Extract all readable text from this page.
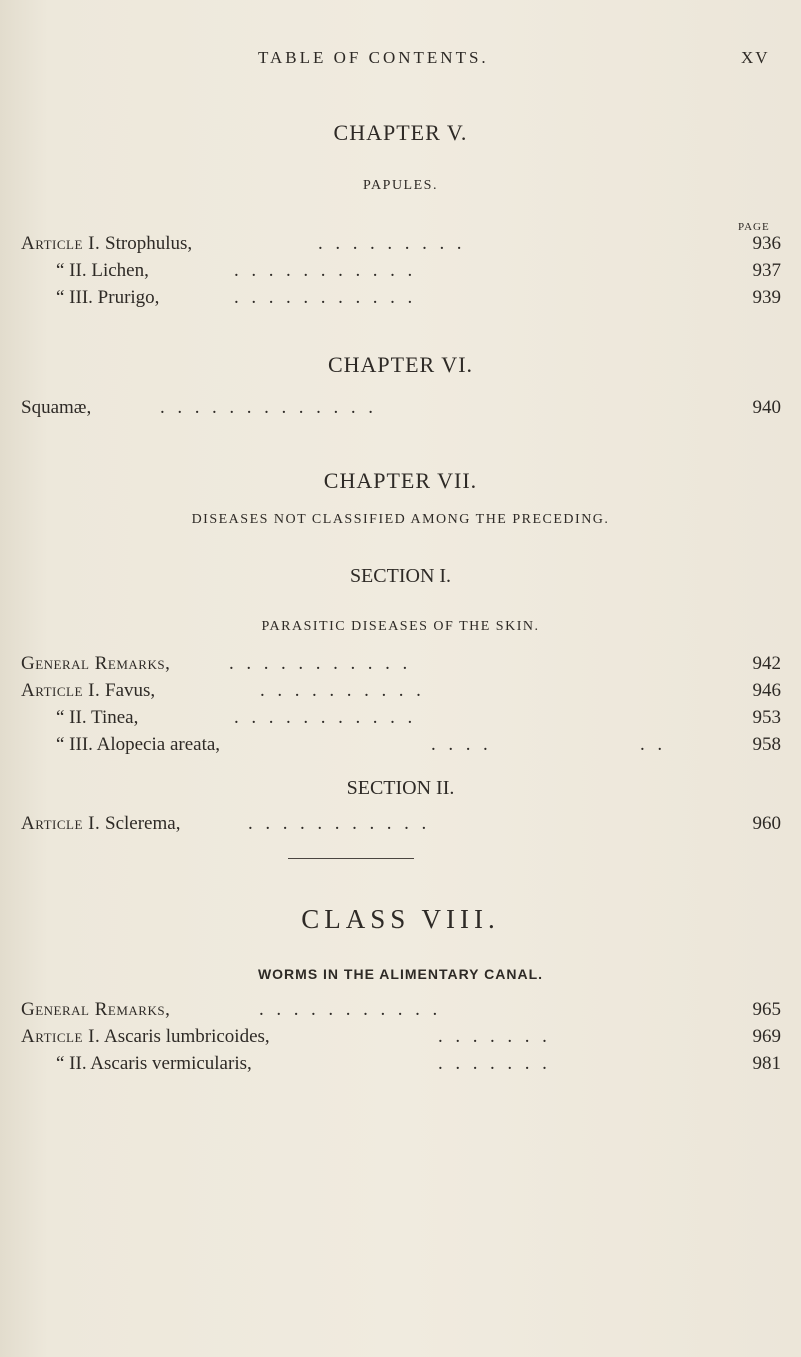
TABLE OF CONTENTS.	XV
CHAPTER V.
PAPULES.
PAGE
Article I. Strophulus,	.........	936
“ II. Lichen,	...........	937
“ III. Prurigo,	...........	939
CHAPTER VI.
Squamæ,	.............	940
CHAPTER VII.
DISEASES NOT CLASSIFIED AMONG THE PRECEDING.
SECTION I.
PARASITIC DISEASES OF THE SKIN.
General Remarks,	...........	942
Article I. Favus,	..........	946
“ II. Tinea,	...........	953
“ III. Alopecia areata,	....	..	958
SECTION II.
Article I. Sclerema,	...........	960
CLASS VIII.
WORMS IN THE ALIMENTARY CANAL.
General Remarks,	...........	965
Article I. Ascaris lumbricoides,	.......	969
“ II. Ascaris vermicularis,	.......	981
